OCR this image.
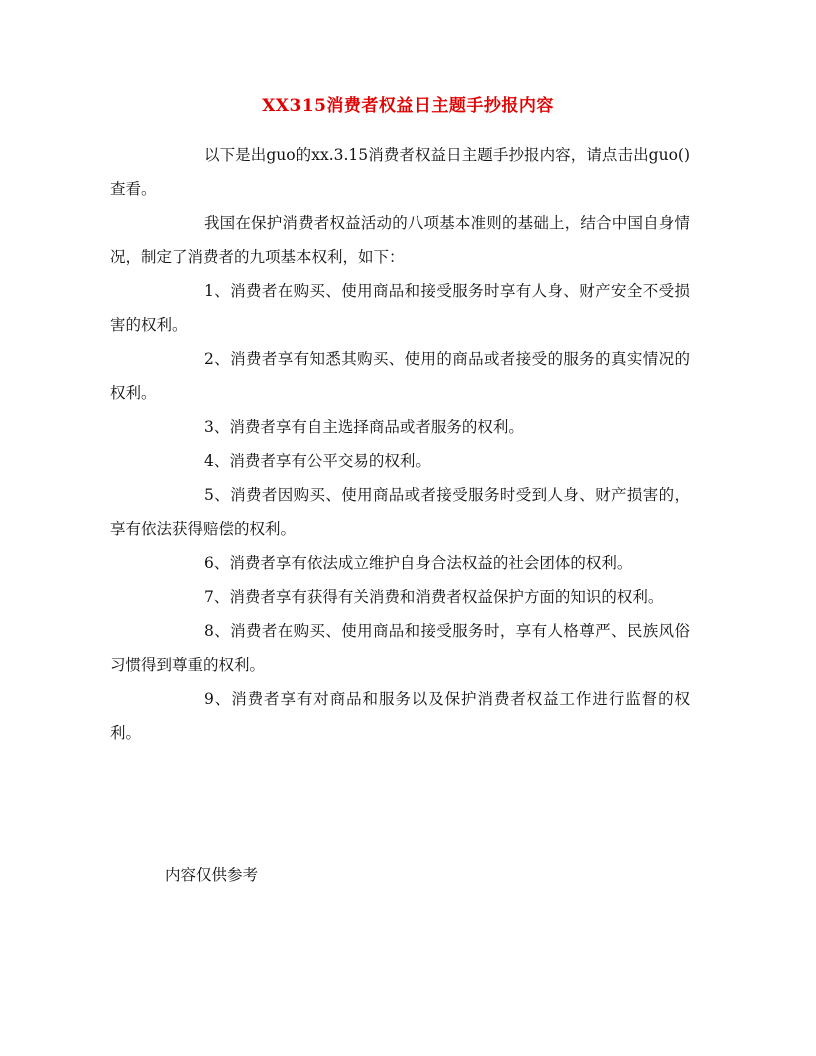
XX315消费者权益日主题手抄报内容

以下是出guo的xx.3.15消费者权益日主题手抄报内容，请点击出guo()查看。

我国在保护消费者权益活动的八项基本准则的基础上，结合中国自身情况，制定了消费者的九项基本权利，如下：

1、消费者在购买、使用商品和接受服务时享有人身、财产安全不受损害的权利。

2、消费者享有知悉其购买、使用的商品或者接受的服务的真实情况的权利。

3、消费者享有自主选择商品或者服务的权利。

4、消费者享有公平交易的权利。

5、消费者因购买、使用商品或者接受服务时受到人身、财产损害的，享有依法获得赔偿的权利。

6、消费者享有依法成立维护自身合法权益的社会团体的权利。

7、消费者享有获得有关消费和消费者权益保护方面的知识的权利。

8、消费者在购买、使用商品和接受服务时，享有人格尊严、民族风俗习惯得到尊重的权利。

9、消费者享有对商品和服务以及保护消费者权益工作进行监督的权利。

内容仅供参考
